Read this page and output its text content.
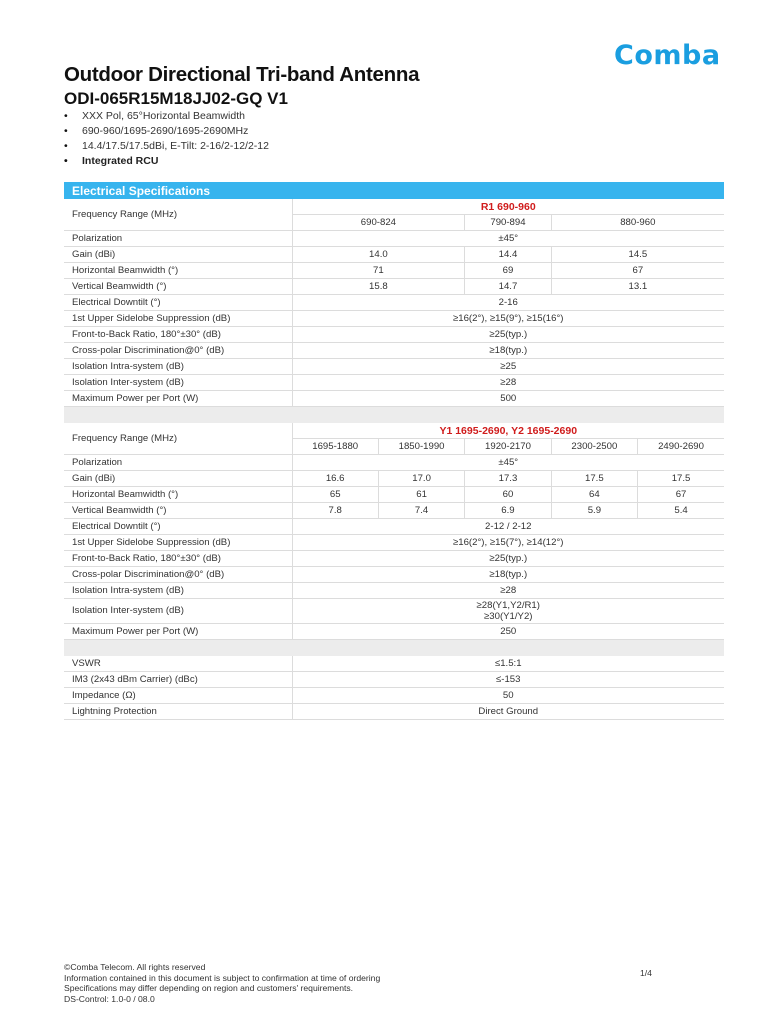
Comba
Outdoor Directional Tri-band Antenna
ODI-065R15M18JJ02-GQ V1
• XXX Pol, 65°Horizontal Beamwidth
• 690-960/1695-2690/1695-2690MHz
• 14.4/17.5/17.5dBi, E-Tilt: 2-16/2-12/2-12
• Integrated RCU
Electrical Specifications					
Frequency Range (MHz)	R1 690-960				
	690-824		790-894	880-960	
Polarization	±45°				

Gain (dBi)	14.0		14.4	14.5	
Horizontal Beamwidth (°)	71		69	67	
Vertical Beamwidth (°)	15.8		14.7	13.1	
Electrical Downtilt (°)	2-16				

1st Upper Sidelobe Suppression (dB)	≥16(2°), ≥15(9°), ≥15(16°)				

Front-to-Back Ratio, 180°±30° (dB)	≥25(typ.)				

Cross-polar Discrimination@0° (dB)	≥18(typ.)				

Isolation Intra-system (dB)	≥25				

Isolation Inter-system (dB)	≥28				

Maximum Power per Port (W)	500				

Frequency Range (MHz)	Y1 1695-2690, Y2 1695-2690				
	1695-1880	1850-1990	1920-2170	2300-2500	2490-2690
Polarization	±45°				

Gain (dBi)	16.6	17.0	17.3	17.5	17.5
Horizontal Beamwidth (°)	65	61	60	64	67
Vertical Beamwidth (°)	7.8	7.4	6.9	5.9	5.4
Electrical Downtilt (°)	2-12 / 2-12				

1st Upper Sidelobe Suppression (dB)	≥16(2°), ≥15(7°), ≥14(12°)				

Front-to-Back Ratio, 180°±30° (dB)	≥25(typ.)				

Cross-polar Discrimination@0° (dB)	≥18(typ.)				

Isolation Intra-system (dB)	≥28				

Isolation Inter-system (dB)	≥28(Y1,Y2/R1)
≥30(Y1/Y2)				

Maximum Power per Port (W)	250				

VSWR	≤1.5:1				
IM3 (2x43 dBm Carrier) (dBc)	≤-153				
Impedance (Ω)	50				
Lightning Protection	Direct Ground				
©Comba Telecom. All rights reserved
Information contained in this document is subject to confirmation at time of ordering
Specifications may differ depending on region and customers' requirements.
DS-Control: 1.0-0 / 08.0
1/4
